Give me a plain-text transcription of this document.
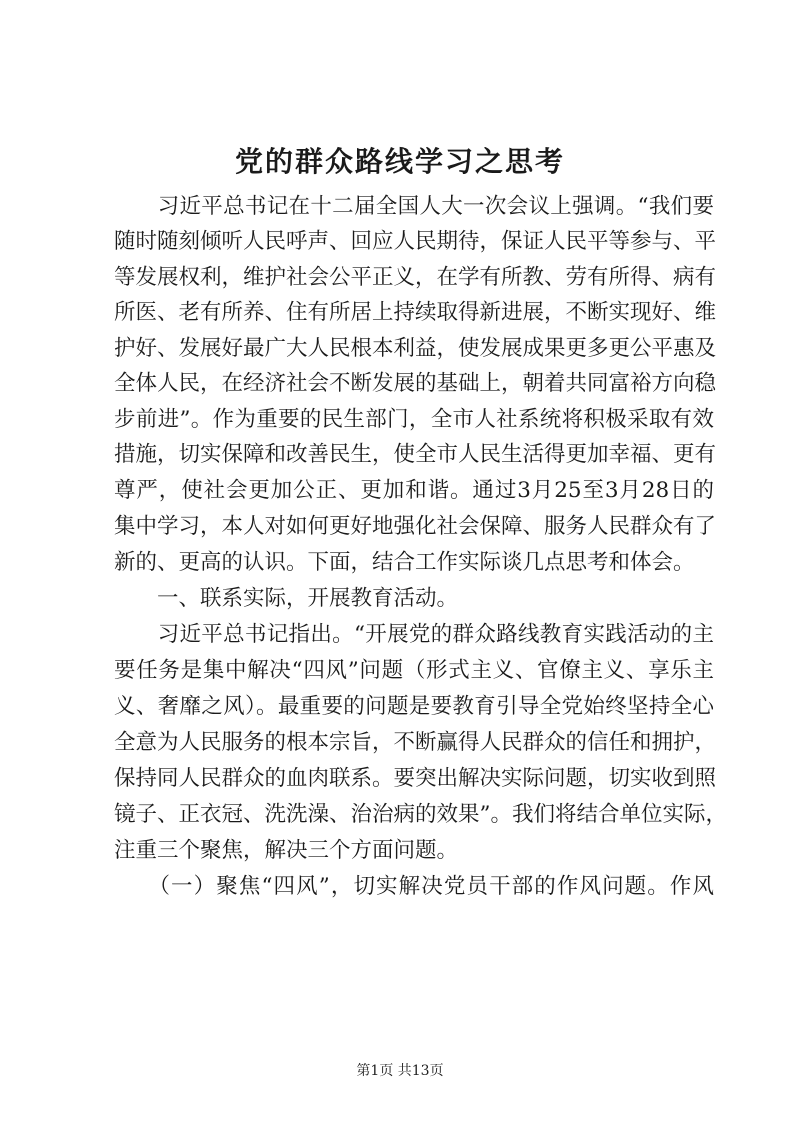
党的群众路线学习之思考
　　习近平总书记在十二届全国人大一次会议上强调。“我们要
随时随刻倾听人民呼声、回应人民期待，保证人民平等参与、平
等发展权利，维护社会公平正义，在学有所教、劳有所得、病有
所医、老有所养、住有所居上持续取得新进展，不断实现好、维
护好、发展好最广大人民根本利益，使发展成果更多更公平惠及
全体人民，在经济社会不断发展的基础上，朝着共同富裕方向稳
步前进”。作为重要的民生部门，全市人社系统将积极采取有效
措施，切实保障和改善民生，使全市人民生活得更加幸福、更有
尊严，使社会更加公正、更加和谐。通过3月25至3月28日的
集中学习，本人对如何更好地强化社会保障、服务人民群众有了
新的、更高的认识。下面，结合工作实际谈几点思考和体会。
　　一、联系实际，开展教育活动。
　　习近平总书记指出。“开展党的群众路线教育实践活动的主
要任务是集中解决“四风”问题（形式主义、官僚主义、享乐主
义、奢靡之风）。最重要的问题是要教育引导全党始终坚持全心
全意为人民服务的根本宗旨，不断赢得人民群众的信任和拥护，
保持同人民群众的血肉联系。要突出解决实际问题，切实收到照
镜子、正衣冠、洗洗澡、治治病的效果”。我们将结合单位实际，
注重三个聚焦，解决三个方面问题。
　　（一）聚焦“四风”，切实解决党员干部的作风问题。作风
第1页 共13页
